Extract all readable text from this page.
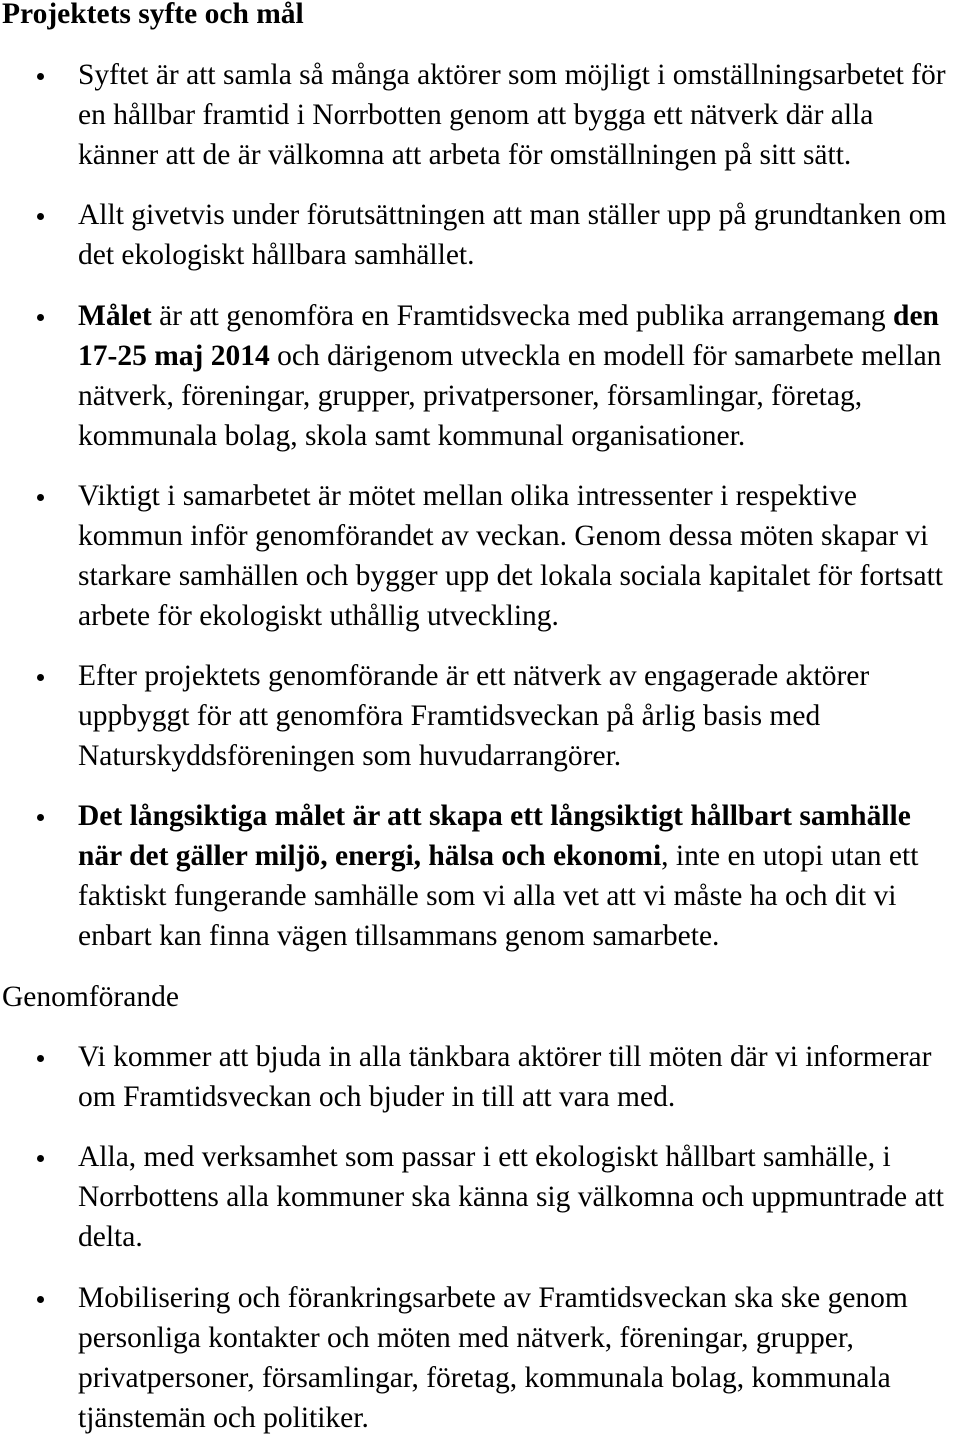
Projektets syfte och mål
Syftet är att samla så många aktörer som möjligt i omställningsarbetet för
en hållbar framtid i Norrbotten genom att bygga ett nätverk där alla
känner att de är välkomna att arbeta för omställningen på sitt sätt.
Allt givetvis under förutsättningen att man ställer upp på grundtanken om
det ekologiskt hållbara samhället.
Målet är att genomföra en Framtidsvecka med publika arrangemang den
17-25 maj 2014 och därigenom utveckla en modell för samarbete mellan
nätverk, föreningar, grupper, privatpersoner, församlingar, företag,
kommunala bolag, skola samt kommunal organisationer.
Viktigt i samarbetet är mötet mellan olika intressenter i respektive
kommun inför genomförandet av veckan. Genom dessa möten skapar vi
starkare samhällen och bygger upp det lokala sociala kapitalet för fortsatt
arbete för ekologiskt uthållig utveckling.
Efter projektets genomförande är ett nätverk av engagerade aktörer
uppbyggt för att genomföra Framtidsveckan på årlig basis med
Naturskyddsföreningen som huvudarrangörer.
Det långsiktiga målet är att skapa ett långsiktigt hållbart samhälle
när det gäller miljö, energi, hälsa och ekonomi, inte en utopi utan ett
faktiskt fungerande samhälle som vi alla vet att vi måste ha och dit vi
enbart kan finna vägen tillsammans genom samarbete.
Genomförande
Vi kommer att bjuda in alla tänkbara aktörer till möten där vi informerar
om Framtidsveckan och bjuder in till att vara med.
Alla, med verksamhet som passar i ett ekologiskt hållbart samhälle, i
Norrbottens alla kommuner ska känna sig välkomna och uppmuntrade att
delta.
Mobilisering och förankringsarbete av Framtidsveckan ska ske genom
personliga kontakter och möten med nätverk, föreningar, grupper,
privatpersoner, församlingar, företag, kommunala bolag, kommunala
tjänstemän och politiker.
